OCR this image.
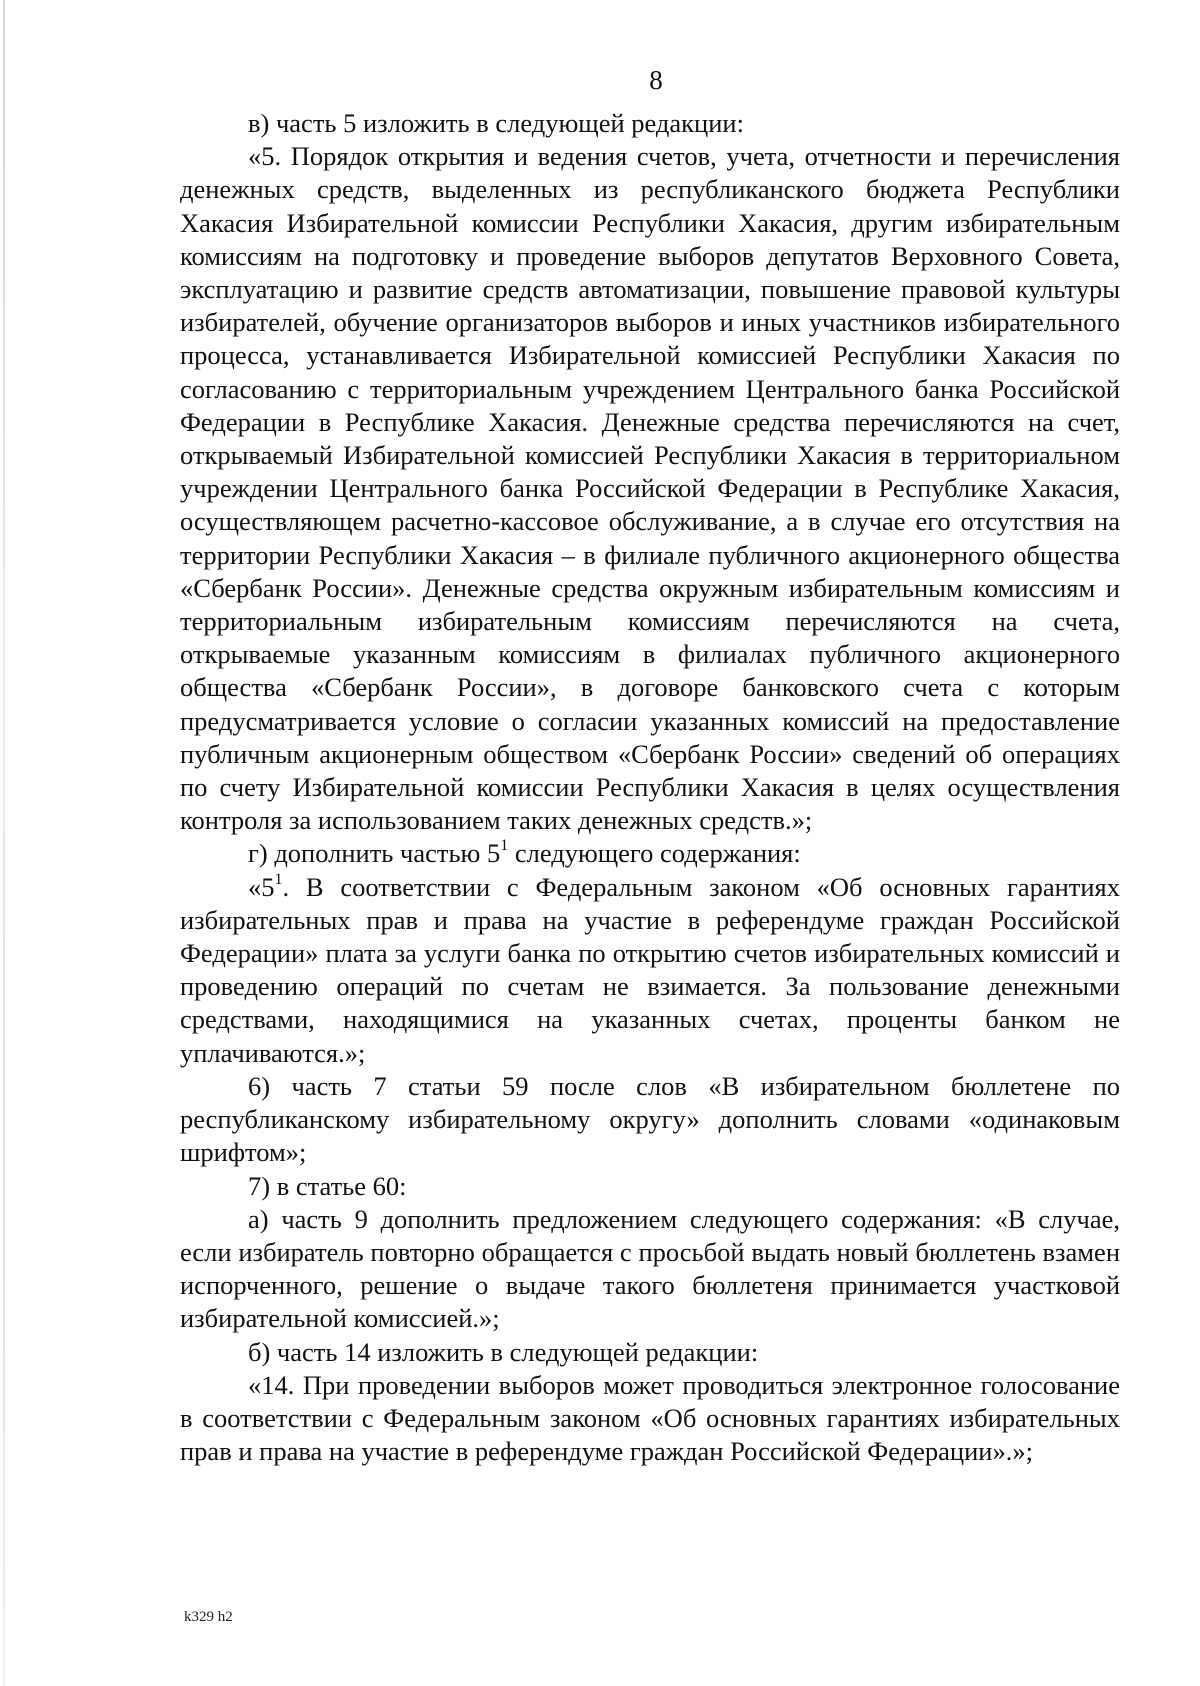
8

в) часть 5 изложить в следующей редакции:

«5. Порядок открытия и ведения счетов, учета, отчетности и перечисления денежных средств, выделенных из республиканского бюджета Республики Хакасия Избирательной комиссии Республики Хакасия, другим избирательным комиссиям на подготовку и проведение выборов депутатов Верховного Совета, эксплуатацию и развитие средств автоматизации, повышение правовой культуры избирателей, обучение организаторов выборов и иных участников избирательного процесса, устанавливается Избирательной комиссией Республики Хакасия по согласованию с территориальным учреждением Центрального банка Российской Федерации в Республике Хакасия. Денежные средства перечисляются на счет, открываемый Избирательной комиссией Республики Хакасия в территориальном учреждении Центрального банка Российской Федерации в Республике Хакасия, осуществляющем расчетно-кассовое обслуживание, а в случае его отсутствия на территории Республики Хакасия – в филиале публичного акционерного общества «Сбербанк России». Денежные средства окружным избирательным комиссиям и территориальным избирательным комиссиям перечисляются на счета, открываемые указанным комиссиям в филиалах публичного акционерного общества «Сбербанк России», в договоре банковского счета с которым предусматривается условие о согласии указанных комиссий на предоставление публичным акционерным обществом «Сбербанк России» сведений об операциях по счету Избирательной комиссии Республики Хакасия в целях осуществления контроля за использованием таких денежных средств.»;

г) дополнить частью $5^1$ следующего содержания:

«$5^1$. В соответствии с Федеральным законом «Об основных гарантиях избирательных прав и права на участие в референдуме граждан Российской Федерации» плата за услуги банка по открытию счетов избирательных комиссий и проведению операций по счетам не взимается. За пользование денежными средствами, находящимися на указанных счетах, проценты банком не уплачиваются.»;

6) часть 7 статьи 59 после слов «В избирательном бюллетене по республиканскому избирательному округу» дополнить словами «одинаковым шрифтом»;

7) в статье 60:

а) часть 9 дополнить предложением следующего содержания: «В случае, если избиратель повторно обращается с просьбой выдать новый бюллетень взамен испорченного, решение о выдаче такого бюллетеня принимается участковой избирательной комиссией.»;

б) часть 14 изложить в следующей редакции:

«14. При проведении выборов может проводиться электронное голосование в соответствии с Федеральным законом «Об основных гарантиях избирательных прав и права на участие в референдуме граждан Российской Федерации».»;

k329 h2
